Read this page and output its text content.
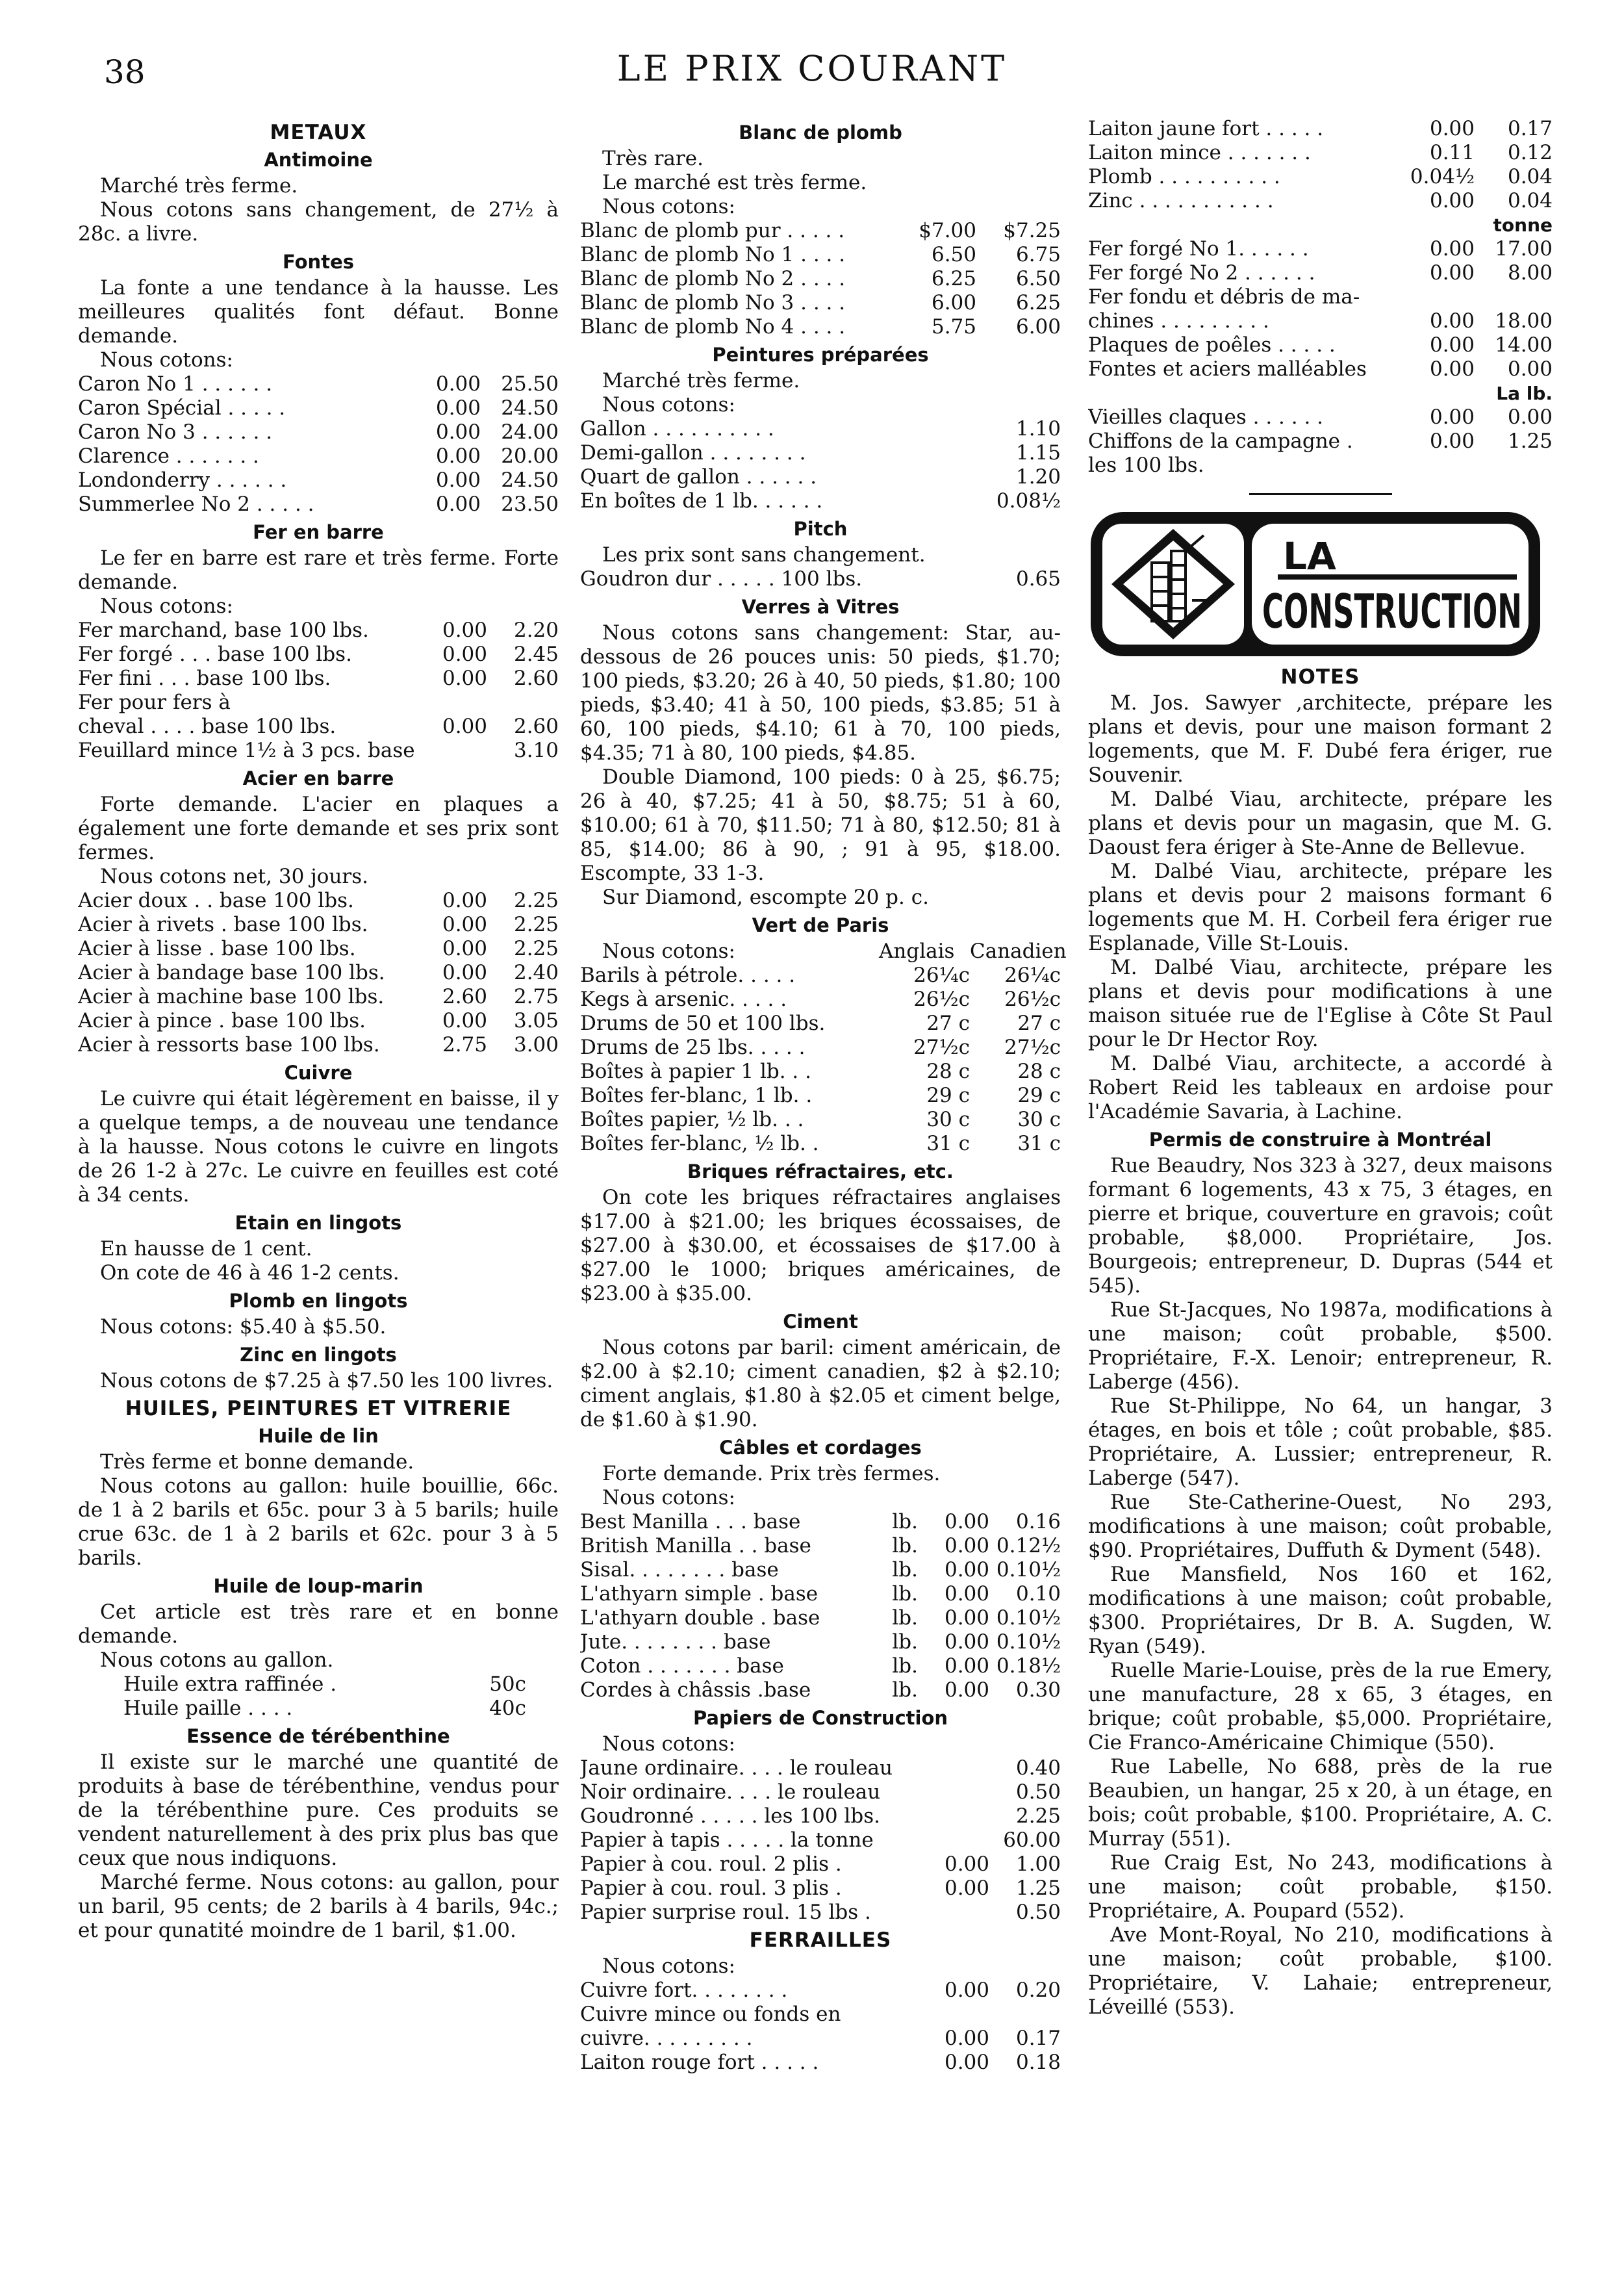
38	LE PRIX COURANT
METAUX
Antimoine

Marché très ferme.

Nous cotons sans changement, de 27½ à 28c. a livre.

Fontes

La fonte a une tendance à la hausse. Les meilleures qualités font défaut. Bonne demande.

Nous cotons:

Caron No 1 . . . . . .	0.00	25.50
Caron Spécial . . . . .	0.00	24.50
Caron No 3 . . . . . .	0.00	24.00
Clarence . . . . . . .	0.00	20.00
Londonderry . . . . . .	0.00	24.50
Summerlee No 2 . . . . .	0.00	23.50
Fer en barre

Le fer en barre est rare et très ferme. Forte demande.

Nous cotons:

Fer marchand, base 100 lbs.	0.00	2.20
Fer forgé . . . base 100 lbs.	0.00	2.45
Fer fini . . . base 100 lbs.	0.00	2.60
Fer pour fers à
cheval . . . . base 100 lbs.	0.00	2.60
Feuillard mince 1½ à 3 pcs. base	3.10
Acier en barre

Forte demande. L'acier en plaques a également une forte demande et ses prix sont fermes.

Nous cotons net, 30 jours.

Acier doux . . base 100 lbs.	0.00	2.25
Acier à rivets . base 100 lbs.	0.00	2.25
Acier à lisse . base 100 lbs.	0.00	2.25
Acier à bandage base 100 lbs.	0.00	2.40
Acier à machine base 100 lbs.	2.60	2.75
Acier à pince . base 100 lbs.	0.00	3.05
Acier à ressorts base 100 lbs.	2.75	3.00
Cuivre

Le cuivre qui était légèrement en baisse, il y a quelque temps, a de nouveau une tendance à la hausse. Nous cotons le cuivre en lingots de 26 1-2 à 27c. Le cuivre en feuilles est coté à 34 cents.

Etain en lingots

En hausse de 1 cent.

On cote de 46 à 46 1-2 cents.

Plomb en lingots

Nous cotons: $5.40 à $5.50.

Zinc en lingots

Nous cotons de $7.25 à $7.50 les 100 livres.

HUILES, PEINTURES ET VITRERIE
Huile de lin

Très ferme et bonne demande.

Nous cotons au gallon: huile bouillie, 66c. de 1 à 2 barils et 65c. pour 3 à 5 barils; huile crue 63c. de 1 à 2 barils et 62c. pour 3 à 5 barils.

Huile de loup-marin

Cet article est très rare et en bonne demande.

Nous cotons au gallon.

Huile extra raffinée .	50c
Huile paille . . . .	40c
Essence de térébenthine

Il existe sur le marché une quantité de produits à base de térébenthine, vendus pour de la térébenthine pure. Ces produits se vendent naturellement à des prix plus bas que ceux que nous indiquons.

Marché ferme. Nous cotons: au gallon, pour un baril, 95 cents; de 2 barils à 4 barils, 94c.; et pour qunatité moindre de 1 baril, $1.00.

Blanc de plomb

Très rare.

Le marché est très ferme.

Nous cotons:

Blanc de plomb pur . . . . .	$7.00	$7.25
Blanc de plomb No 1 . . . .	6.50	6.75
Blanc de plomb No 2 . . . .	6.25	6.50
Blanc de plomb No 3 . . . .	6.00	6.25
Blanc de plomb No 4 . . . .	5.75	6.00
Peintures préparées

Marché très ferme.

Nous cotons:

Gallon . . . . . . . . . .	1.10
Demi-gallon . . . . . . . .	1.15
Quart de gallon . . . . . .	1.20
En boîtes de 1 lb. . . . . .	0.08½
Pitch

Les prix sont sans changement.

Goudron dur . . . . . 100 lbs.	0.65
Verres à Vitres

Nous cotons sans changement: Star, au-dessous de 26 pouces unis: 50 pieds, $1.70; 100 pieds, $3.20; 26 à 40, 50 pieds, $1.80; 100 pieds, $3.40; 41 à 50, 100 pieds, $3.85; 51 à 60, 100 pieds, $4.10; 61 à 70, 100 pieds, $4.35; 71 à 80, 100 pieds, $4.85.

Double Diamond, 100 pieds: 0 à 25, $6.75; 26 à 40, $7.25; 41 à 50, $8.75; 51 à 60, $10.00; 61 à 70, $11.50; 71 à 80, $12.50; 81 à 85, $14.00; 86 à 90, ; 91 à 95, $18.00. Escompte, 33 1-3.

Sur Diamond, escompte 20 p. c.

Vert de Paris
Nous cotons:	Anglais Canadien
Barils à pétrole. . . . .	26¼c	26¼c
Kegs à arsenic. . . . .	26½c	26½c
Drums de 50 et 100 lbs.	27 c	27 c
Drums de 25 lbs. . . . .	27½c	27½c
Boîtes à papier 1 lb. . .	28 c	28 c
Boîtes fer-blanc, 1 lb. .	29 c	29 c
Boîtes papier, ½ lb. . .	30 c	30 c
Boîtes fer-blanc, ½ lb. .	31 c	31 c
Briques réfractaires, etc.

On cote les briques réfractaires anglaises $17.00 à $21.00; les briques écossaises, de $27.00 à $30.00, et écossaises de $17.00 à $27.00 le 1000; briques américaines, de $23.00 à $35.00.

Ciment

Nous cotons par baril: ciment américain, de $2.00 à $2.10; ciment canadien, $2 à $2.10; ciment anglais, $1.80 à $2.05 et ciment belge, de $1.60 à $1.90.

Câbles et cordages

Forte demande. Prix très fermes.

Nous cotons:

Best Manilla . . . base	lb.	0.00	0.16
British Manilla . . base	lb.	0.00 0.12½
Sisal. . . . . . . . base	lb.	0.00 0.10½
L'athyarn simple . base	lb.	0.00	0.10
L'athyarn double . base	lb.	0.00 0.10½
Jute. . . . . . . . base	lb.	0.00 0.10½
Coton . . . . . . . base	lb.	0.00 0.18½
Cordes à châssis .base	lb.	0.00	0.30
Papiers de Construction

Nous cotons:

Jaune ordinaire. . . . le rouleau	0.40
Noir ordinaire. . . . le rouleau	0.50
Goudronné . . . . . les 100 lbs.	2.25
Papier à tapis . . . . . la tonne	60.00
Papier à cou. roul. 2 plis .	0.00	1.00
Papier à cou. roul. 3 plis .	0.00	1.25
Papier surprise roul. 15 lbs .	0.50
FERRAILLES

Nous cotons:

Cuivre fort. . . . . . . .	0.00	0.20
Cuivre mince ou fonds en
cuivre. . . . . . . . .	0.00	0.17
Laiton rouge fort . . . . .	0.00	0.18
Laiton jaune fort . . . . .	0.00	0.17
Laiton mince . . . . . . .	0.11	0.12
Plomb . . . . . . . . . .	0.04½	0.04
Zinc . . . . . . . . . . .	0.00	0.04
tonne
Fer forgé No 1. . . . . .	0.00	17.00
Fer forgé No 2 . . . . . .	0.00	8.00
Fer fondu et débris de ma-
chines . . . . . . . . .	0.00	18.00
Plaques de poêles . . . . .	0.00	14.00
Fontes et aciers malléables	0.00	0.00
La lb.
Vieilles claques . . . . . .	0.00	0.00
Chiffons de la campagne .	0.00	1.25
les 100 lbs.
LA
CONSTRUCTION
NOTES

M. Jos. Sawyer ,architecte, prépare les plans et devis, pour une maison formant 2 logements, que M. F. Dubé fera ériger, rue Souvenir.

M. Dalbé Viau, architecte, prépare les plans et devis pour un magasin, que M. G. Daoust fera ériger à Ste-Anne de Bellevue.

M. Dalbé Viau, architecte, prépare les plans et devis pour 2 maisons formant 6 logements que M. H. Corbeil fera ériger rue Esplanade, Ville St-Louis.

M. Dalbé Viau, architecte, prépare les plans et devis pour modifications à une maison située rue de l'Eglise à Côte St Paul pour le Dr Hector Roy.

M. Dalbé Viau, architecte, a accordé à Robert Reid les tableaux en ardoise pour l'Académie Savaria, à Lachine.

Permis de construire à Montréal

Rue Beaudry, Nos 323 à 327, deux maisons formant 6 logements, 43 x 75, 3 étages, en pierre et brique, couverture en gravois; coût probable, $8,000. Propriétaire, Jos. Bourgeois; entrepreneur, D. Dupras (544 et 545).

Rue St-Jacques, No 1987a, modifications à une maison; coût probable, $500. Propriétaire, F.-X. Lenoir; entrepreneur, R. Laberge (456).

Rue St-Philippe, No 64, un hangar, 3 étages, en bois et tôle ; coût probable, $85. Propriétaire, A. Lussier; entrepreneur, R. Laberge (547).

Rue Ste-Catherine-Ouest, No 293, modifications à une maison; coût probable, $90. Propriétaires, Duffuth & Dyment (548).

Rue Mansfield, Nos 160 et 162, modifications à une maison; coût probable, $300. Propriétaires, Dr B. A. Sugden, W. Ryan (549).

Ruelle Marie-Louise, près de la rue Emery, une manufacture, 28 x 65, 3 étages, en brique; coût probable, $5,000. Propriétaire, Cie Franco-Américaine Chimique (550).

Rue Labelle, No 688, près de la rue Beaubien, un hangar, 25 x 20, à un étage, en bois; coût probable, $100. Propriétaire, A. C. Murray (551).

Rue Craig Est, No 243, modifications à une maison; coût probable, $150. Propriétaire, A. Poupard (552).

Ave Mont-Royal, No 210, modifications à une maison; coût probable, $100. Propriétaire, V. Lahaie; entrepreneur, Léveillé (553).
